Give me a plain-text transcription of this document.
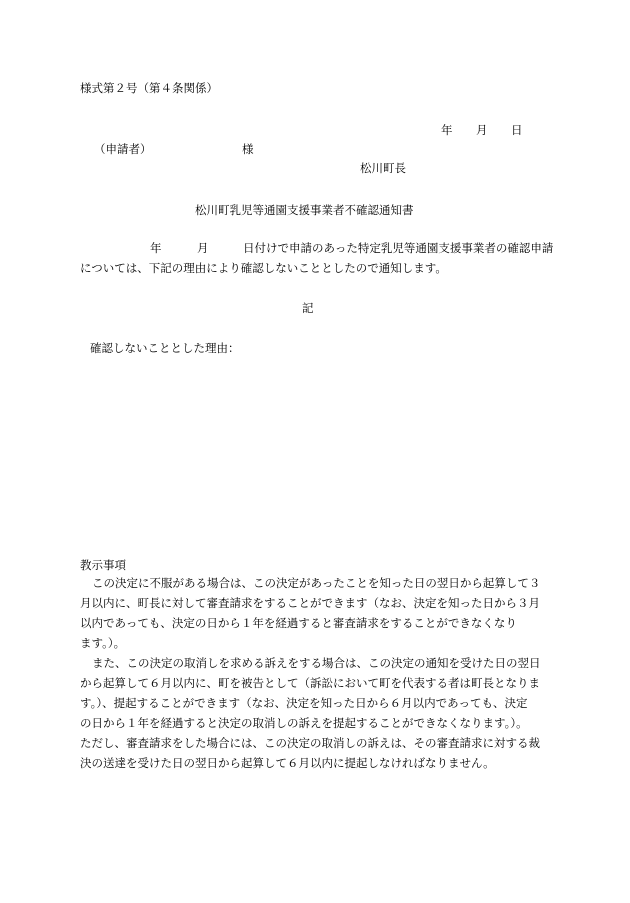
様式第２号（第４条関係）
年 月 日
（申請者）	様
松川町長
松川町乳児等通園支援事業者不確認通知書
年	月	日付けで申請のあった特定乳児等通園支援事業者の確認申請
については、下記の理由により確認しないこととしたので通知します。
記
確認しないこととした理由：
教示事項
この決定に不服がある場合は、この決定があったことを知った日の翌日から起算して３
月以内に、町長に対して審査請求をすることができます（なお、決定を知った日から３月
以内であっても、決定の日から１年を経過すると審査請求をすることができなくなり
ます。）。
また、この決定の取消しを求める訴えをする場合は、この決定の通知を受けた日の翌日
から起算して６月以内に、町を被告として（訴訟において町を代表する者は町長となりま
す。）、提起することができます（なお、決定を知った日から６月以内であっても、決定
の日から１年を経過すると決定の取消しの訴えを提起することができなくなります。）。
ただし、審査請求をした場合には、この決定の取消しの訴えは、その審査請求に対する裁
決の送達を受けた日の翌日から起算して６月以内に提起しなければなりません。
